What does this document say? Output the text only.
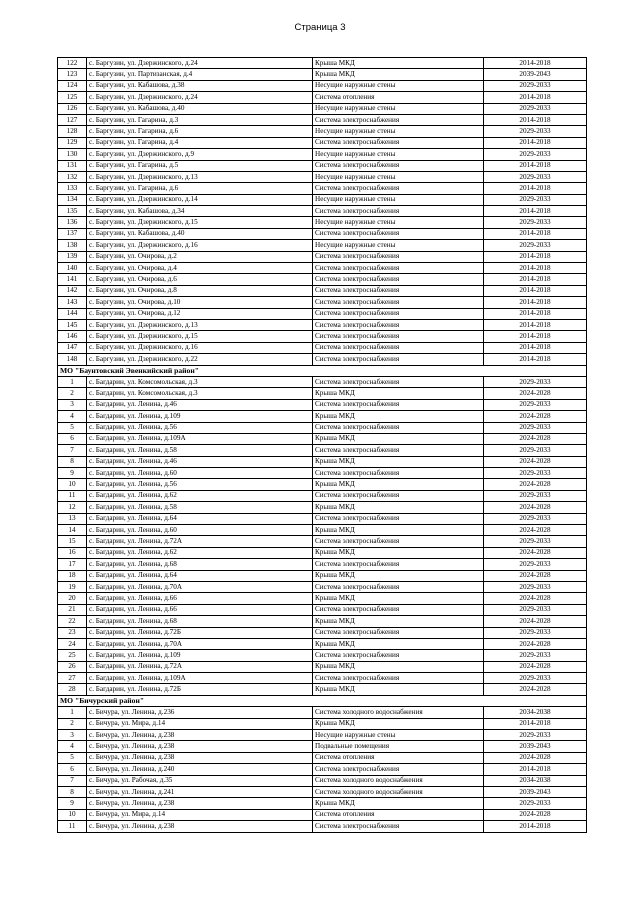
Страница 3
122	с. Баргузин, ул. Дзержинского, д.24	Крыша МКД	2014-2018
123	с. Баргузин, ул. Партизанская, д.4	Крыша МКД	2039-2043
124	с. Баргузин, ул. Кабашова, д.38	Несущие наружные стены	2029-2033
125	с. Баргузин, ул. Дзержинского, д.24	Система отопления	2014-2018
126	с. Баргузин, ул. Кабашова, д.40	Несущие наружные стены	2029-2033
127	с. Баргузин, ул. Гагарина, д.3	Система электроснабжения	2014-2018
128	с. Баргузин, ул. Гагарина, д.6	Несущие наружные стены	2029-2033
129	с. Баргузин, ул. Гагарина, д.4	Система электроснабжения	2014-2018
130	с. Баргузин, ул. Дзержинского, д.9	Несущие наружные стены	2029-2033
131	с. Баргузин, ул. Гагарина, д.5	Система электроснабжения	2014-2018
132	с. Баргузин, ул. Дзержинского, д.13	Несущие наружные стены	2029-2033
133	с. Баргузин, ул. Гагарина, д.6	Система электроснабжения	2014-2018
134	с. Баргузин, ул. Дзержинского, д.14	Несущие наружные стены	2029-2033
135	с. Баргузин, ул. Кабашова, д.34	Система электроснабжения	2014-2018
136	с. Баргузин, ул. Дзержинского, д.15	Несущие наружные стены	2029-2033
137	с. Баргузин, ул. Кабашова, д.40	Система электроснабжения	2014-2018
138	с. Баргузин, ул. Дзержинского, д.16	Несущие наружные стены	2029-2033
139	с. Баргузин, ул. Очирова, д.2	Система электроснабжения	2014-2018
140	с. Баргузин, ул. Очирова, д.4	Система электроснабжения	2014-2018
141	с. Баргузин, ул. Очирова, д.6	Система электроснабжения	2014-2018
142	с. Баргузин, ул. Очирова, д.8	Система электроснабжения	2014-2018
143	с. Баргузин, ул. Очирова, д.10	Система электроснабжения	2014-2018
144	с. Баргузин, ул. Очирова, д.12	Система электроснабжения	2014-2018
145	с. Баргузин, ул. Дзержинского, д.13	Система электроснабжения	2014-2018
146	с. Баргузин, ул. Дзержинского, д.15	Система электроснабжения	2014-2018
147	с. Баргузин, ул. Дзержинского, д.16	Система электроснабжения	2014-2018
148	с. Баргузин, ул. Дзержинского, д.22	Система электроснабжения	2014-2018
МО "Баунтовский Эвенкийский район"			
1	с. Багдарин, ул. Комсомольская, д.3	Система электроснабжения	2029-2033
2	с. Багдарин, ул. Комсомольская, д.3	Крыша МКД	2024-2028
3	с. Багдарин, ул. Ленина, д.46	Система электроснабжения	2029-2033
4	с. Багдарин, ул. Ленина, д.109	Крыша МКД	2024-2028
5	с. Багдарин, ул. Ленина, д.56	Система электроснабжения	2029-2033
6	с. Багдарин, ул. Ленина, д.109А	Крыша МКД	2024-2028
7	с. Багдарин, ул. Ленина, д.58	Система электроснабжения	2029-2033
8	с. Багдарин, ул. Ленина, д.46	Крыша МКД	2024-2028
9	с. Багдарин, ул. Ленина, д.60	Система электроснабжения	2029-2033
10	с. Багдарин, ул. Ленина, д.56	Крыша МКД	2024-2028
11	с. Багдарин, ул. Ленина, д.62	Система электроснабжения	2029-2033
12	с. Багдарин, ул. Ленина, д.58	Крыша МКД	2024-2028
13	с. Багдарин, ул. Ленина, д.64	Система электроснабжения	2029-2033
14	с. Багдарин, ул. Ленина, д.60	Крыша МКД	2024-2028
15	с. Багдарин, ул. Ленина, д.72А	Система электроснабжения	2029-2033
16	с. Багдарин, ул. Ленина, д.62	Крыша МКД	2024-2028
17	с. Багдарин, ул. Ленина, д.68	Система электроснабжения	2029-2033
18	с. Багдарин, ул. Ленина, д.64	Крыша МКД	2024-2028
19	с. Багдарин, ул. Ленина, д.70А	Система электроснабжения	2029-2033
20	с. Багдарин, ул. Ленина, д.66	Крыша МКД	2024-2028
21	с. Багдарин, ул. Ленина, д.66	Система электроснабжения	2029-2033
22	с. Багдарин, ул. Ленина, д.68	Крыша МКД	2024-2028
23	с. Багдарин, ул. Ленина, д.72Б	Система электроснабжения	2029-2033
24	с. Багдарин, ул. Ленина, д.70А	Крыша МКД	2024-2028
25	с. Багдарин, ул. Ленина, д.109	Система электроснабжения	2029-2033
26	с. Багдарин, ул. Ленина, д.72А	Крыша МКД	2024-2028
27	с. Багдарин, ул. Ленина, д.109А	Система электроснабжения	2029-2033
28	с. Багдарин, ул. Ленина, д.72Б	Крыша МКД	2024-2028
МО "Бичурский район"			
1	с. Бичура, ул. Ленина, д.236	Система холодного водоснабжения	2034-2038
2	с. Бичура, ул. Мира, д.14	Крыша МКД	2014-2018
3	с. Бичура, ул. Ленина, д.238	Несущие наружные стены	2029-2033
4	с. Бичура, ул. Ленина, д.238	Подвальные помещения	2039-2043
5	с. Бичура, ул. Ленина, д.238	Система отопления	2024-2028
6	с. Бичура, ул. Ленина, д.240	Система электроснабжения	2014-2018
7	с. Бичура, ул. Рабочая, д.35	Система холодного водоснабжения	2034-2038
8	с. Бичура, ул. Ленина, д.241	Система холодного водоснабжения	2039-2043
9	с. Бичура, ул. Ленина, д.238	Крыша МКД	2029-2033
10	с. Бичура, ул. Мира, д.14	Система отопления	2024-2028
11	с. Бичура, ул. Ленина, д.238	Система электроснабжения	2014-2018
